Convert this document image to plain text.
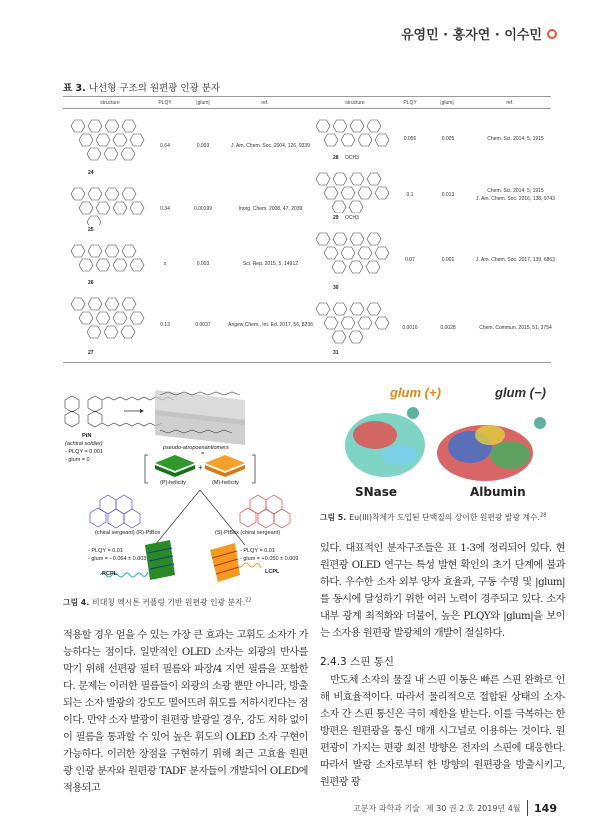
유영민 · 홍자연 · 이수민
표 3. 나선형 구조의 원편광 인광 분자
structure	PLQY	|glum|	ref.	structure	PLQY	|glum|	ref.
24
0.64	0.003	J. Am. Chem. Soc. 2004, 126, 9339
25
0.34	0.00199	Inorg. Chem. 2008, 47, 2039
26
x	0.003	Sci. Rep. 2015, 5, 14912
27
0.13	0.0037	Angew Chem., Int. Ed. 2017, 56, 8236
28 OCH3
0.056	0.005	Chem. Sci. 2014, 5, 1915
29 OCH3
0.1	0.013
Chem. Sci. 2014, 5, 1915
J. Am. Chem. Soc. 2016, 138, 9743
30
0.07	0.001	J. Am. Chem. Soc. 2017, 139, 6863
31
0.0016	0.0028	Chem. Commun. 2015, 51, 3754
PtN
(achiral soldier)
- PLQY = 0.001
- glum = 0
pseudo-atropoenantiomers
=
+
(P)-helicity	(M)-helicity
(chiral sergeant) (R)-PtBox	(S)-PtBox (chiral sergeant)
- PLQY = 0.01
- glum = −0.064 ± 0.003
- PLQY = 0.01
- glum = +0.050 ± 0.009
RCPL	LCPL
그림 4. 비대칭 엑시톤 커플링 기반 원편광 인광 분자.$^{22}$
glum (+)	glum (−)
SNase	Albumin
그림 5. Eu(III)착체가 도입된 단백질의 상이한 원편광 발광 계수.$^{28}$

적용할 경우 얻을 수 있는 가장 큰 효과는 고휘도 소자가 가능하다는 점이다. 일반적인 OLED 소자는 외광의 반사를 막기 위해 선편광 필터 필름와 파장/4 지연 필름을 포함한다. 문제는 이러한 필름들이 외광의 소광 뿐만 아니라, 방출되는 소자 발광의 강도도 떨어뜨려 휘도를 저하시킨다는 점이다. 만약 소자 발광이 원편광 발광일 경우, 강도 저하 없이 이 필름을 통과할 수 있어 높은 휘도의 OLED 소자 구현이 가능하다. 이러한 장점을 구현하기 위해 최근 고효율 원편광 인광 분자와 원편광 TADF 분자들이 개발되어 OLED에 적용되고

있다. 대표적인 분자구조들은 표 1-3에 정리되어 있다. 현 원편광 OLED 연구는 특성 발현 확인의 초기 단계에 불과하다. 우수한 소자 외부 양자 효율과, 구동 수명 및 |glum|를 동시에 달성하기 위한 여러 노력이 경주되고 있다. 소자 내부 광계 최적화와 더불어, 높은 PLQY와 |glum|을 보이는 소자용 원편광 발광체의 개발이 절실하다.

2.4.3 스핀 통신

반도체 소자의 물질 내 스핀 이동은 빠른 스핀 완화로 인해 비효율적이다. 따라서 물리적으로 접합된 상태의 소자-소자 간 스핀 통신은 극히 제한을 받는다. 이를 극복하는 한 방편은 원편광을 통신 매개 시그널로 이용하는 것이다. 원편광이 가지는 편광 회전 방향은 전자의 스핀에 대응한다. 따라서 발광 소자로부터 한 방향의 원편광을 방출시키고, 원편광 광

고분자 과학과 기술 제 30 권 2 호 2019년 4월 149
